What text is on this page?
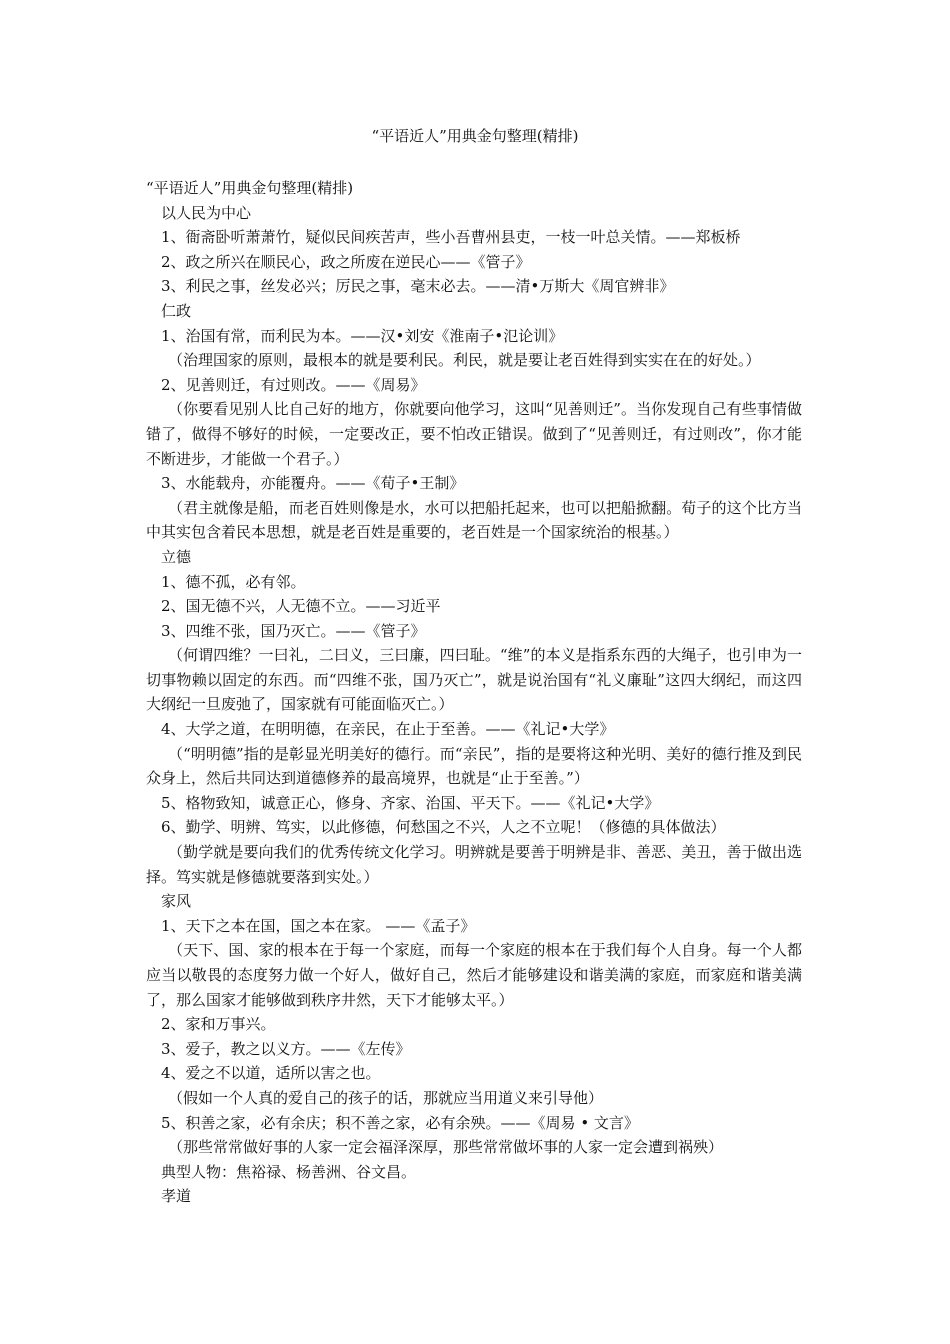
“平语近人”用典金句整理(精排)

“平语近人”用典金句整理(精排)

以人民为中心

1、衙斋卧听萧萧竹，疑似民间疾苦声，些小吾曹州县吏，一枝一叶总关情。——郑板桥

2、政之所兴在顺民心，政之所废在逆民心——《管子》

3、利民之事，丝发必兴；厉民之事，毫末必去。——清•万斯大《周官辨非》

仁政

1、治国有常，而利民为本。——汉•刘安《淮南子•氾论训》

（治理国家的原则，最根本的就是要利民。利民，就是要让老百姓得到实实在在的好处。）

2、见善则迁，有过则改。——《周易》

（你要看见别人比自己好的地方，你就要向他学习，这叫“见善则迁”。当你发现自己有些事情做错了，做得不够好的时候，一定要改正，要不怕改正错误。做到了“见善则迁，有过则改”，你才能不断进步，才能做一个君子。）

3、水能载舟，亦能覆舟。——《荀子•王制》

（君主就像是船，而老百姓则像是水，水可以把船托起来，也可以把船掀翻。荀子的这个比方当中其实包含着民本思想，就是老百姓是重要的，老百姓是一个国家统治的根基。）

立德

1、德不孤，必有邻。

2、国无德不兴，人无德不立。——习近平

3、四维不张，国乃灭亡。——《管子》

（何谓四维？一曰礼，二曰义，三曰廉，四曰耻。“维”的本义是指系东西的大绳子，也引申为一切事物赖以固定的东西。而“四维不张，国乃灭亡”，就是说治国有“礼义廉耻”这四大纲纪，而这四大纲纪一旦废弛了，国家就有可能面临灭亡。）

4、大学之道，在明明德，在亲民，在止于至善。——《礼记•大学》

（“明明德”指的是彰显光明美好的德行。而“亲民”，指的是要将这种光明、美好的德行推及到民众身上，然后共同达到道德修养的最高境界，也就是“止于至善。”）

5、格物致知，诚意正心，修身、齐家、治国、平天下。——《礼记•大学》

6、勤学、明辨、笃实，以此修德，何愁国之不兴，人之不立呢！（修德的具体做法）

（勤学就是要向我们的优秀传统文化学习。明辨就是要善于明辨是非、善恶、美丑，善于做出选择。笃实就是修德就要落到实处。）

家风

1、天下之本在国，国之本在家。 ——《孟子》

（天下、国、家的根本在于每一个家庭，而每一个家庭的根本在于我们每个人自身。每一个人都应当以敬畏的态度努力做一个好人，做好自己，然后才能够建设和谐美满的家庭，而家庭和谐美满了，那么国家才能够做到秩序井然，天下才能够太平。）

2、家和万事兴。

3、爱子，教之以义方。——《左传》

4、爱之不以道，适所以害之也。

（假如一个人真的爱自己的孩子的话，那就应当用道义来引导他）

5、积善之家，必有余庆；积不善之家，必有余殃。——《周易 • 文言》

（那些常常做好事的人家一定会福泽深厚，那些常常做坏事的人家一定会遭到祸殃）

典型人物：焦裕禄、杨善洲、谷文昌。

孝道
